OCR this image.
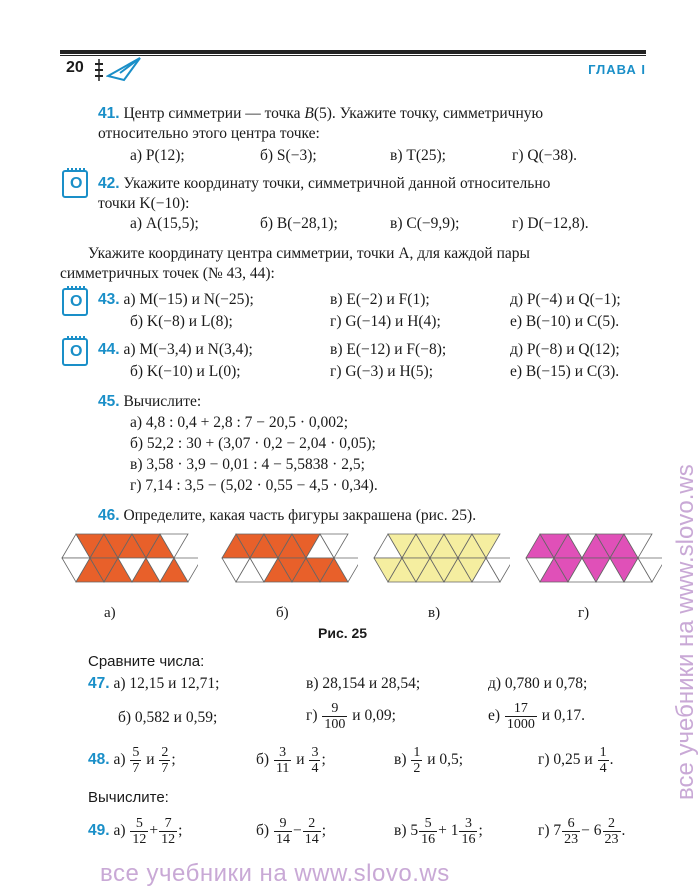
20	ГЛАВА I
41. Центр симметрии — точка B(5). Укажите точку, симметричную
относительно этого центра точке:
а) P(12);	б) S(−3);	в) T(25);	г) Q(−38).
O 42. Укажите координату точки, симметричной данной относительно
точки K(−10):
а) A(15,5);	б) B(−28,1);	в) C(−9,9);	г) D(−12,8).
Укажите координату центра симметрии, точки A, для каждой пары
симметричных точек (№ 43, 44):
O 43. а) M(−15) и N(−25);	в) E(−2) и F(1);	д) P(−4) и Q(−1);
б) K(−8) и L(8);	г) G(−14) и H(4);	е) B(−10) и C(5).
O 44. а) M(−3,4) и N(3,4);	в) E(−12) и F(−8);	д) P(−8) и Q(12);
б) K(−10) и L(0);	г) G(−3) и H(5);	е) B(−15) и C(3).
45. Вычислите:
а) 4,8 : 0,4 + 2,8 : 7 − 20,5 · 0,002;
б) 52,2 : 30 + (3,07 · 0,2 − 2,04 · 0,05);
в) 3,58 · 3,9 − 0,01 : 4 − 5,5838 · 2,5;
г) 7,14 : 3,5 − (5,02 · 0,55 − 4,5 · 0,34).
46. Определите, какая часть фигуры закрашена (рис. 25).
а)	б)	в)	г)
Рис. 25
Сравните числа:
47. а) 12,15 и 12,71;	в) 28,154 и 28,54;	д) 0,780 и 0,78;
б) 0,582 и 0,59;	$г) \frac{9}{100}$ и 0,09;	$е) \frac{17}{1000}$ и 0,17.
48. $а) \frac{5}{7}$ и $\frac{2}{7}$ ;	$б) \frac{3}{11}$ и $\frac{3}{4}$ ;	$в) \frac{1}{2}$ и 0,5;	г) 0,25 и $\frac{1}{4}$ .
Вычислите:
49. $а) \frac{5}{12} + \frac{7}{12}$ ;	$б) \frac{9}{14} - \frac{2}{14}$ ;	в) $5 \frac{5}{16} + 1 \frac{3}{16}$ ;	г) $7 \frac{6}{23} - 6 \frac{2}{23}$ .
все учебники на www.slovo.ws
все учебники на www.slovo.ws
